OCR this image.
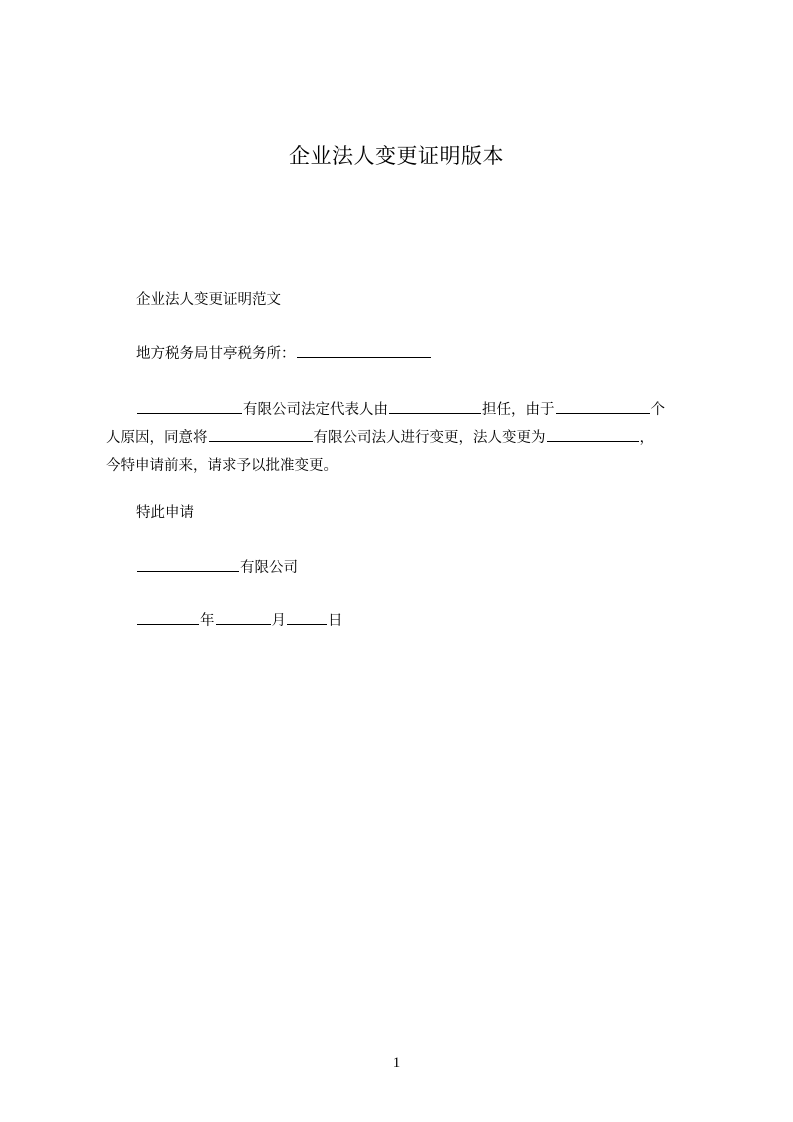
企业法人变更证明版本
企业法人变更证明范文
地方税务局甘亭税务所：
有限公司法定代表人由	担任，由于	个
人原因，同意将	有限公司法人进行变更，法人变更为	，
今特申请前来，请求予以批准变更。
特此申请
有限公司
年	月	日
1
